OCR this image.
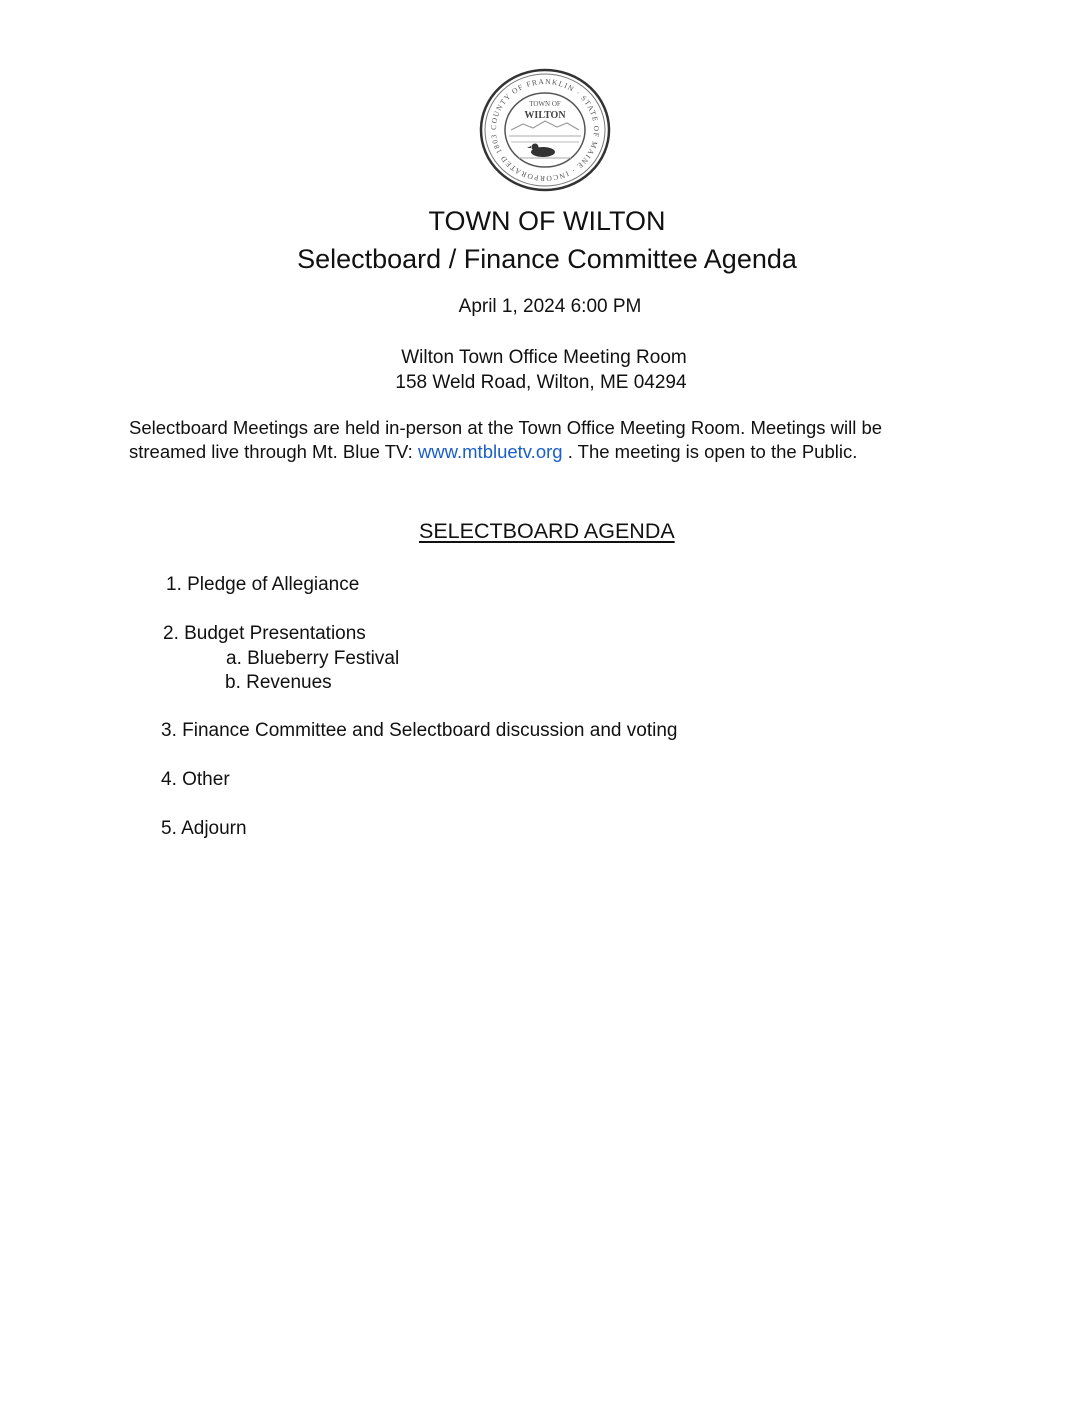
COUNTY OF FRANKLIN · STATE OF MAINE · INCORPORATED 1803
TOWN OF
WILTON
TOWN OF WILTON
Selectboard / Finance Committee Agenda
April 1, 2024 6:00 PM
Wilton Town Office Meeting Room
158 Weld Road, Wilton, ME 04294
Selectboard Meetings are held in-person at the Town Office Meeting Room. Meetings will be streamed live through Mt. Blue TV: www.mtbluetv.org . The meeting is open to the Public.
SELECTBOARD AGENDA
1. Pledge of Allegiance
2. Budget Presentations
a. Blueberry Festival
b. Revenues
3. Finance Committee and Selectboard discussion and voting
4. Other
5. Adjourn
